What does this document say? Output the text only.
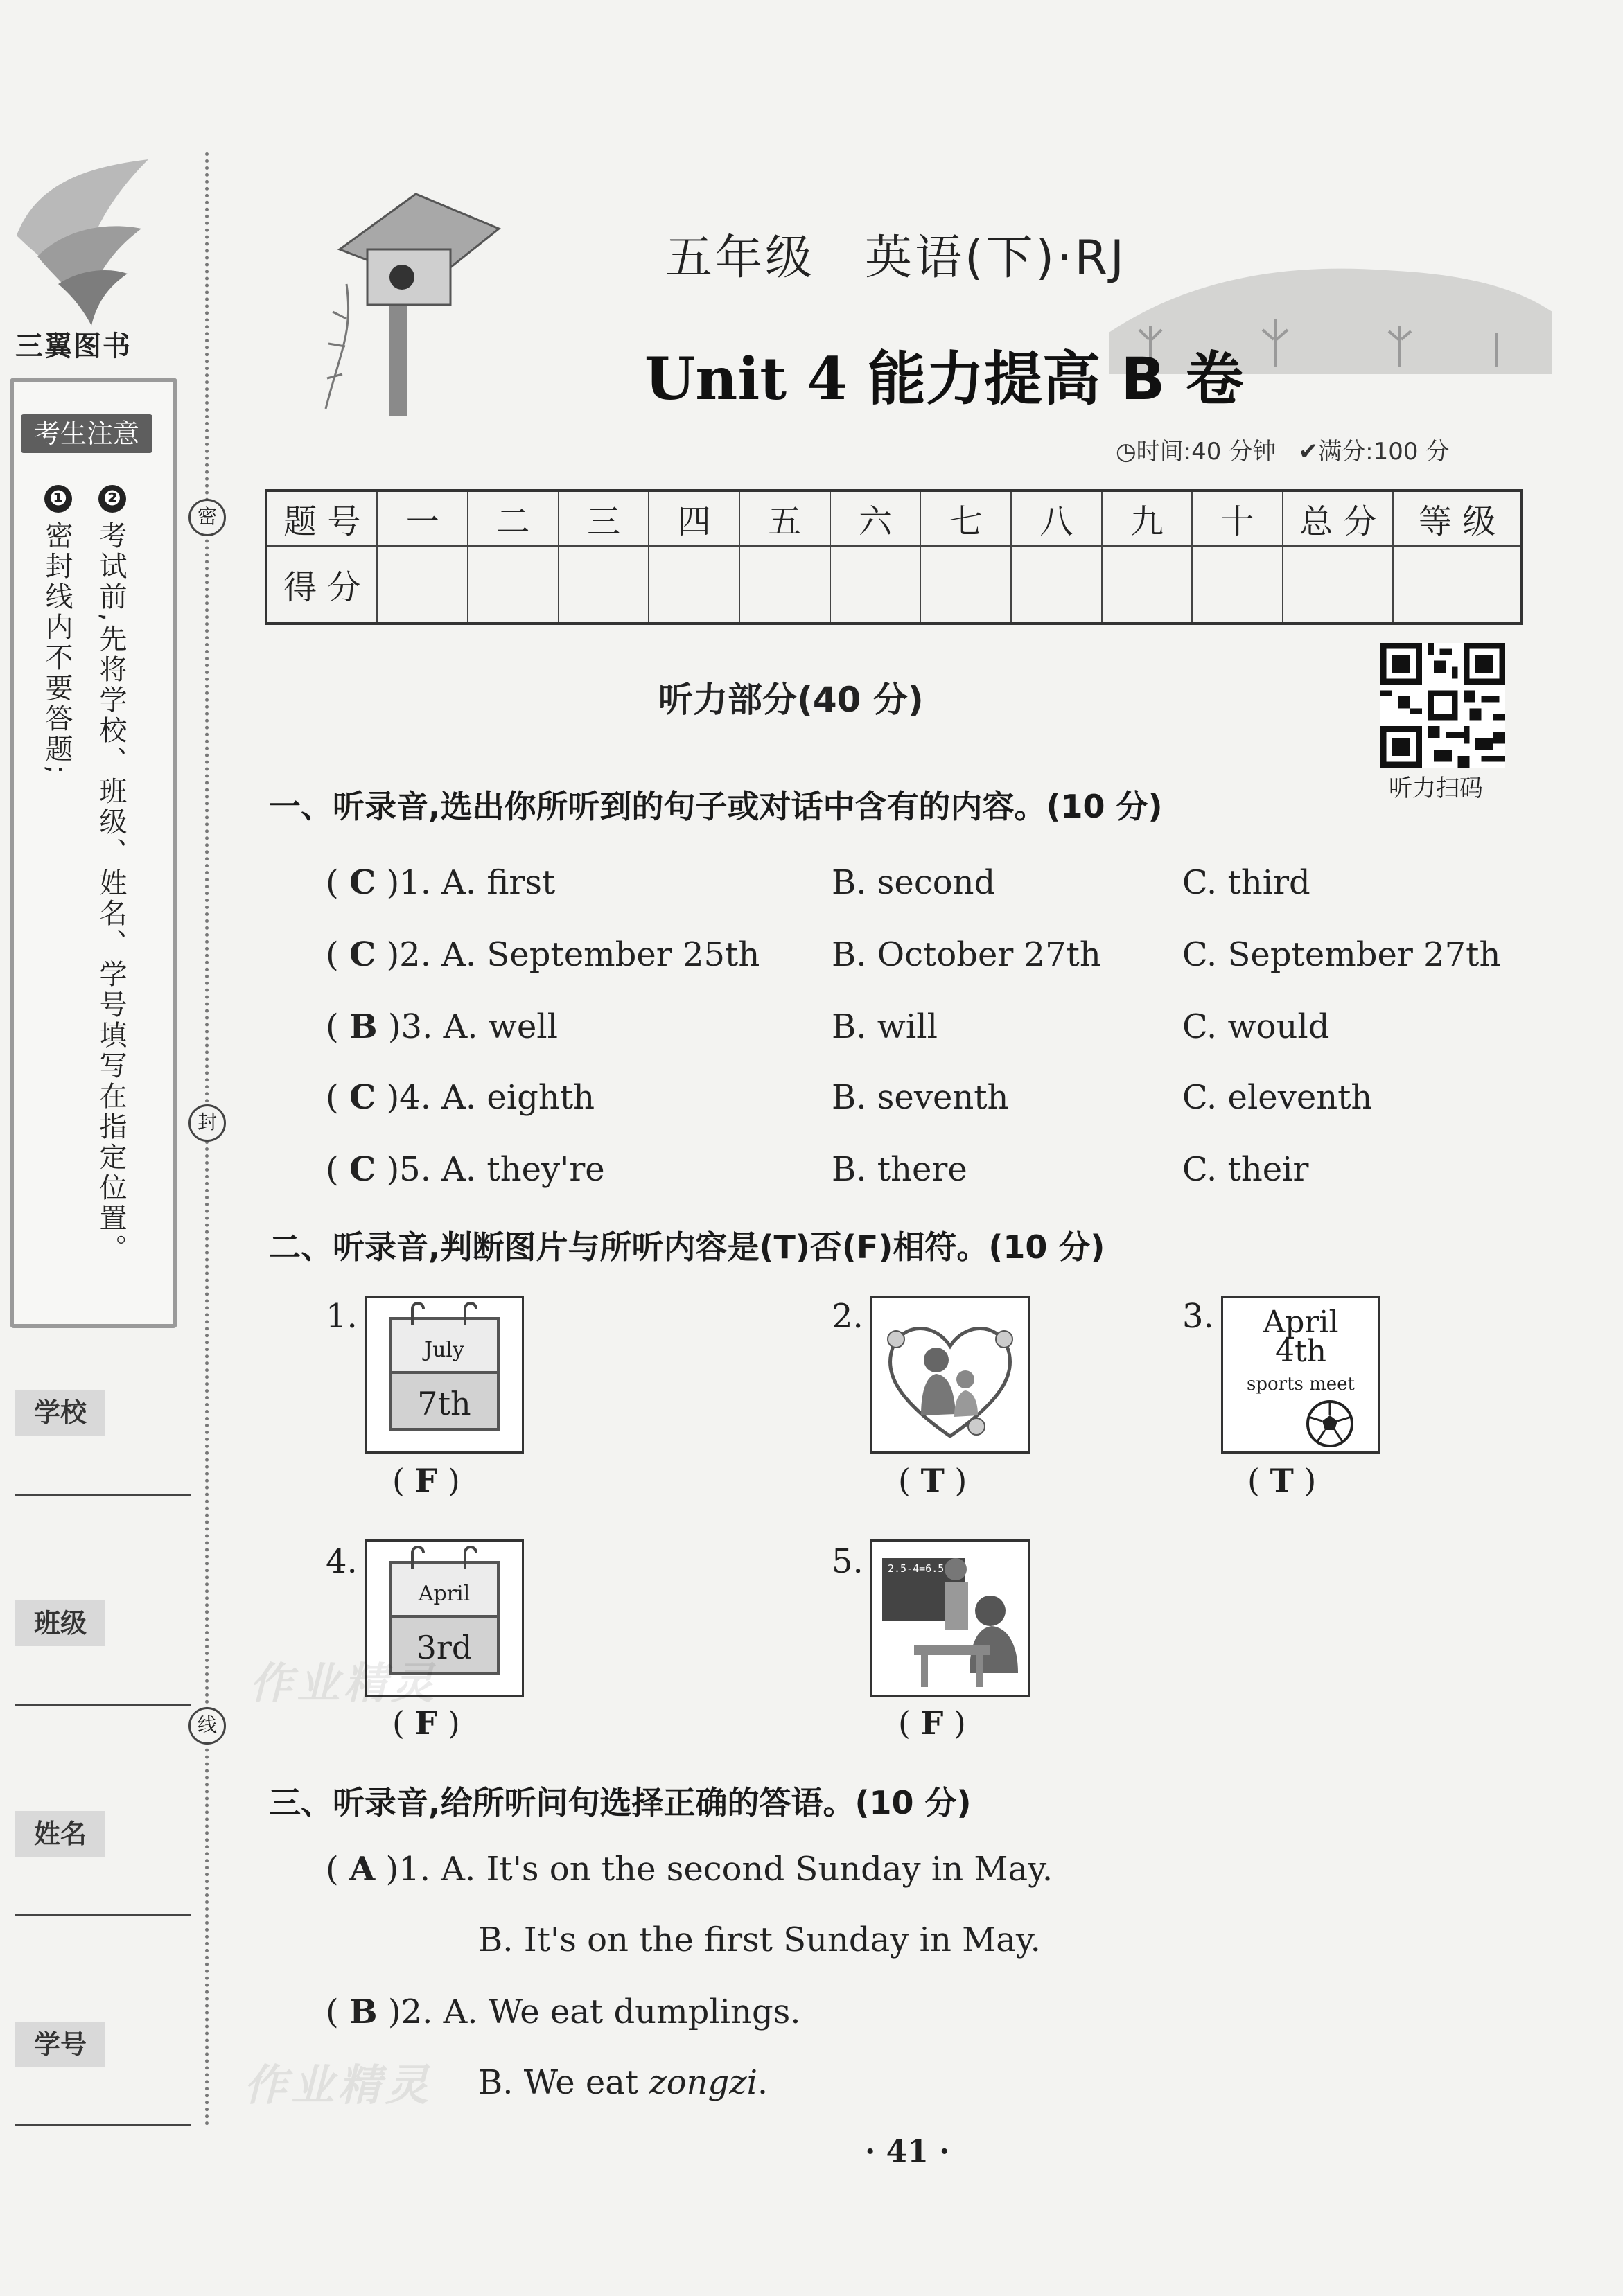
三翼图书
考生注意
❶ ❷
密封线内不要答题; 考试前,先将学校、班级、姓名、学号填写在指定位置。
密
封
线
学校
班级
姓名
学号
五年级　英语(下)·RJ
Unit 4 能力提高 B 卷
◷时间:40 分钟 ✔满分:100 分
题 号	一	二	三	四	五	六	七	八	九	十	总 分	等 级
得 分												
听力部分(40 分)
听力扫码
一、听录音,选出你所听到的句子或对话中含有的内容。(10 分)
( C )1. A. first	B. second	C. third
( C )2. A. September 25th B. October 27th C. September 27th
( B )3. A. well	B. will	C. would
( C )4. A. eighth	B. seventh	C. eleventh
( C )5. A. they're	B. there	C. their
二、听录音,判断图片与所听内容是(T)否(F)相符。(10 分)
1.
July
7th
( F )
2.
( T )
3.	April
4th
sports meet
( T )
4.
April
3rd
( F )
5. 2.5-4=6.5
( F )
三、听录音,给所听问句选择正确的答语。(10 分)
( A )1. A. It's on the second Sunday in May.
B. It's on the first Sunday in May.
( B )2. A. We eat dumplings.
B. We eat zongzi.
作业精灵
作业精灵
· 41 ·
